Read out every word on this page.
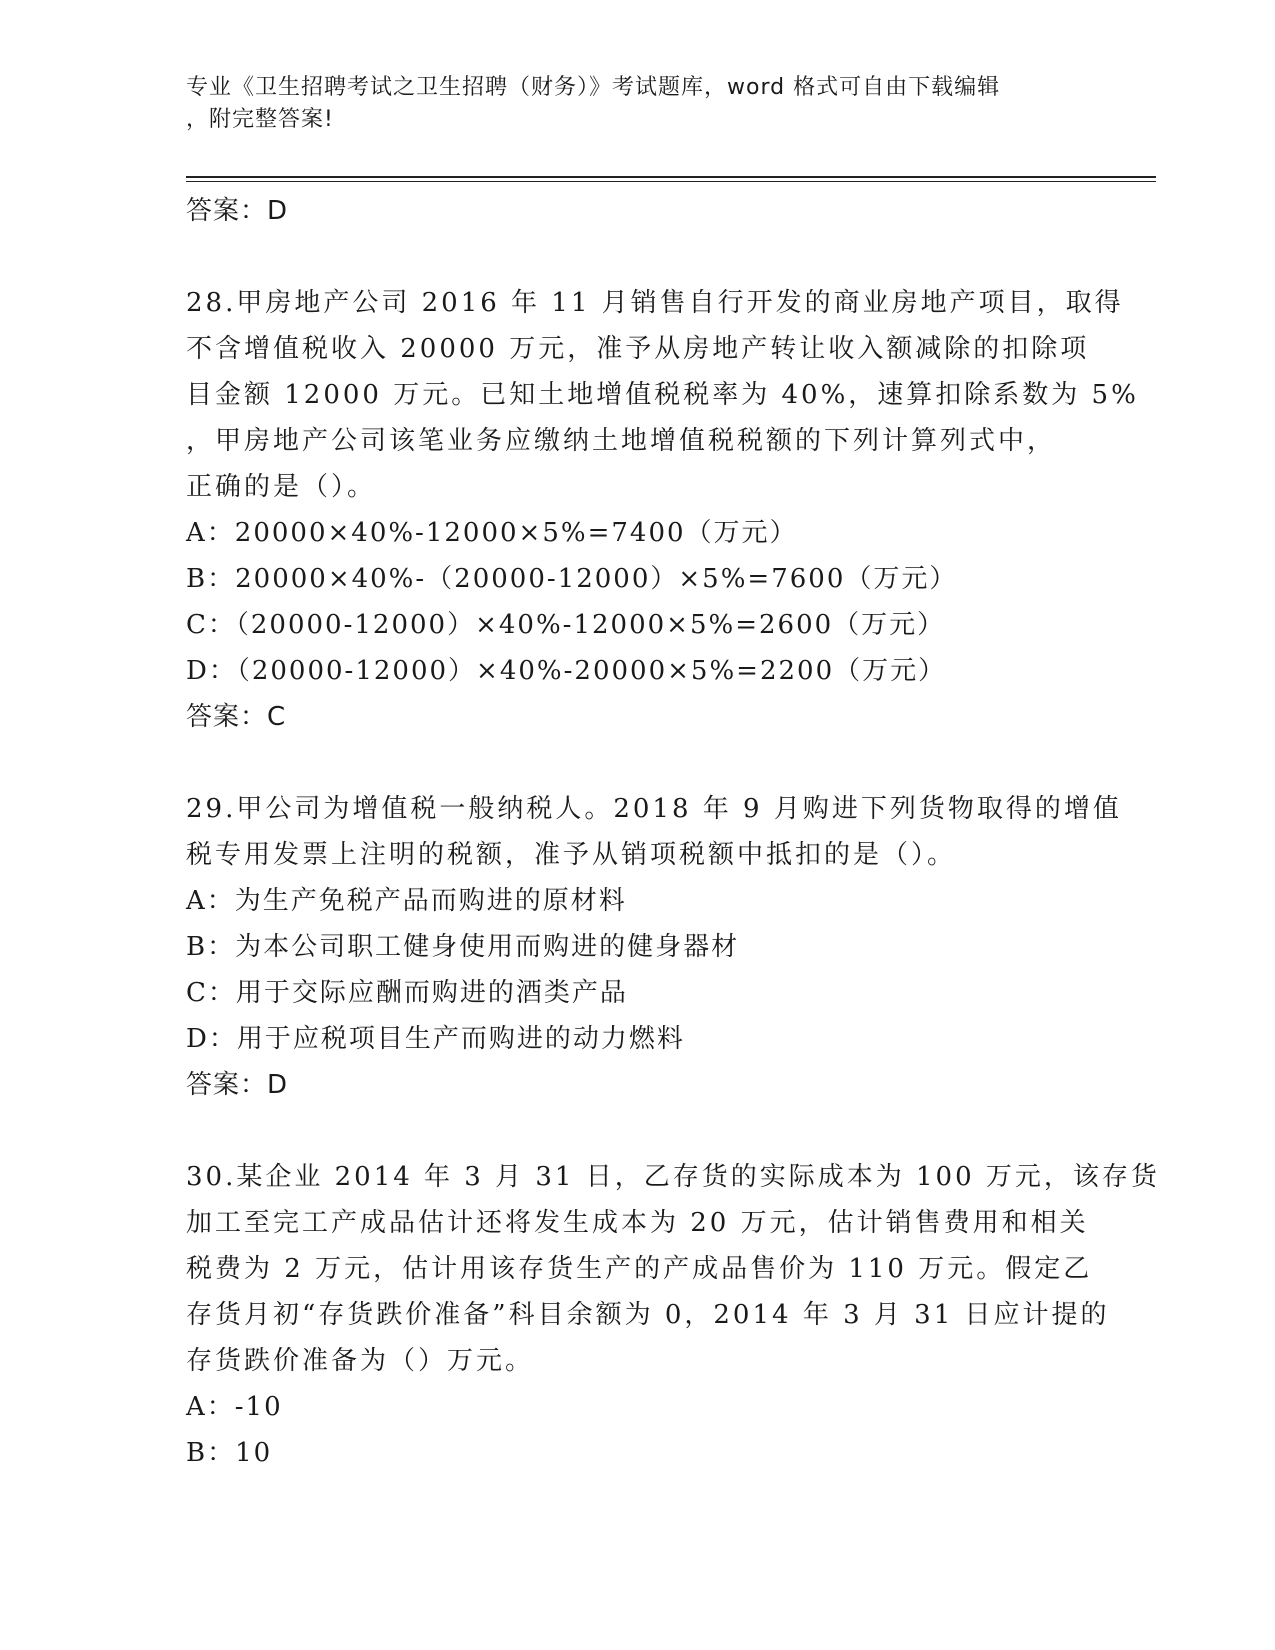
专业《卫生招聘考试之卫生招聘（财务）》考试题库，word 格式可自由下载编辑
，附完整答案!
答案：D
28.甲房地产公司 2016 年 11 月销售自行开发的商业房地产项目，取得
不含增值税收入 20000 万元，准予从房地产转让收入额减除的扣除项
目金额 12000 万元。已知土地增值税税率为 40%，速算扣除系数为 5%
，甲房地产公司该笔业务应缴纳土地增值税税额的下列计算列式中，
正确的是（）。
A：20000×40%-12000×5%=7400（万元）
B：20000×40%-（20000-12000）×5%=7600（万元）
C：（20000-12000）×40%-12000×5%=2600（万元）
D：（20000-12000）×40%-20000×5%=2200（万元）
答案：C
29.甲公司为增值税一般纳税人。2018 年 9 月购进下列货物取得的增值
税专用发票上注明的税额，准予从销项税额中抵扣的是（）。
A：为生产免税产品而购进的原材料
B：为本公司职工健身使用而购进的健身器材
C：用于交际应酬而购进的酒类产品
D：用于应税项目生产而购进的动力燃料
答案：D
30.某企业 2014 年 3 月 31 日，乙存货的实际成本为 100 万元，该存货
加工至完工产成品估计还将发生成本为 20 万元，估计销售费用和相关
税费为 2 万元，估计用该存货生产的产成品售价为 110 万元。假定乙
存货月初“存货跌价准备”科目余额为 0，2014 年 3 月 31 日应计提的
存货跌价准备为（）万元。
A：-10
B：10
